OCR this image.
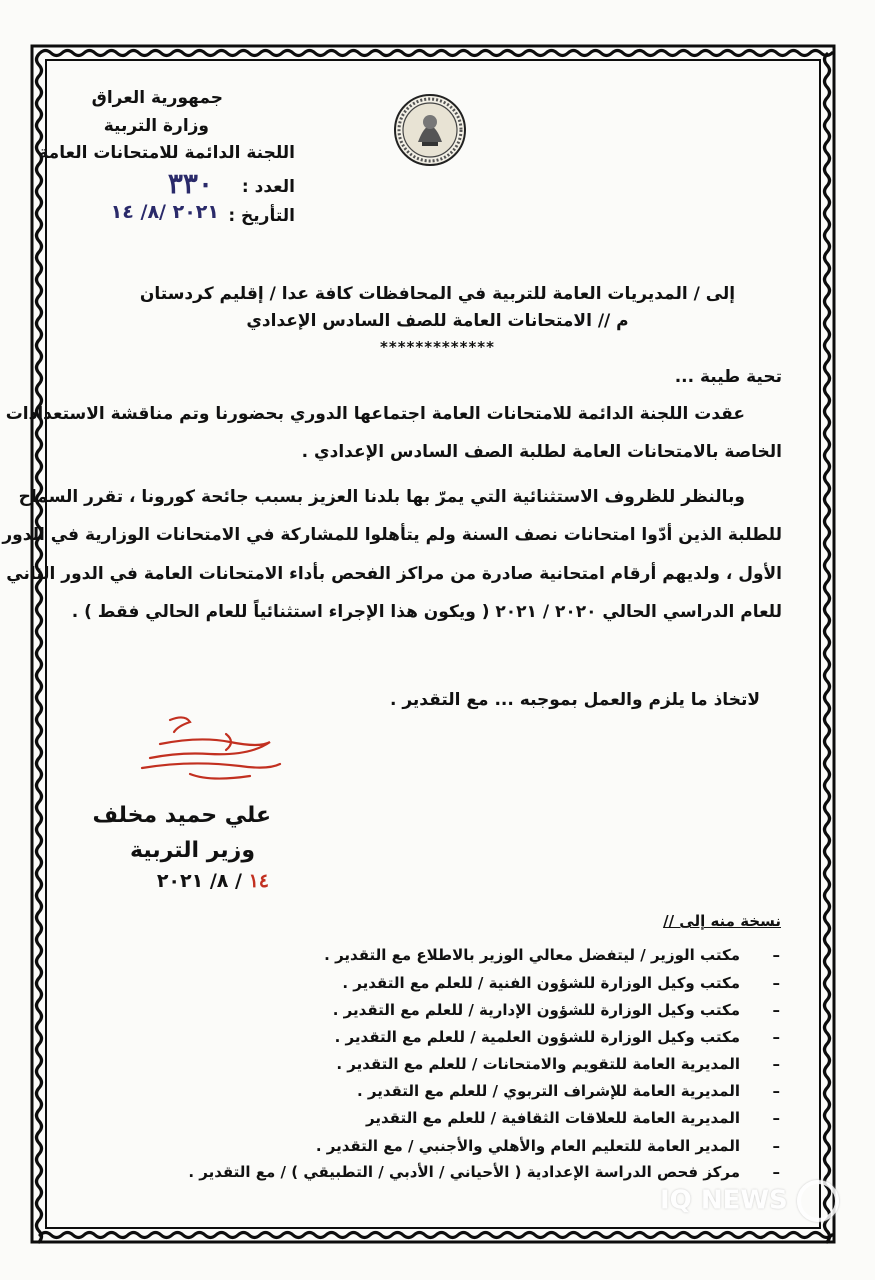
جمهورية العراق
وزارة التربية
اللجنة الدائمة للامتحانات العامة
العدد :
٣٣٠
التأريخ :
٢٠٢١ /٨/ ١٤
إلى / المديريات العامة للتربية في المحافظات كافة عدا / إقليم كردستان
م // الامتحانات العامة للصف السادس الإعدادي
*************
تحية طيبة ...
عقدت اللجنة الدائمة للامتحانات العامة اجتماعها الدوري بحضورنا وتم مناقشة الاستعدادات
الخاصة بالامتحانات العامة لطلبة الصف السادس الإعدادي .
وبالنظر للظروف الاستثنائية التي يمرّ بها بلدنا العزيز بسبب جائحة كورونا ، تقرر السماح
للطلبة الذين أدّوا امتحانات نصف السنة ولم يتأهلوا للمشاركة في الامتحانات الوزارية في الدور
الأول ، ولديهم أرقام امتحانية صادرة من مراكز الفحص بأداء الامتحانات العامة في الدور الثاني
للعام الدراسي الحالي ٢٠٢٠ / ٢٠٢١ ( ويكون هذا الإجراء استثنائياً للعام الحالي فقط ) .
لاتخاذ ما يلزم والعمل بموجبه ... مع التقدير .
علي حميد مخلف
وزير التربية
١٤ / ٨/ ٢٠٢١
نسخة منه إلى //
–مكتب الوزير / ليتفضل معالي الوزير بالاطلاع مع التقدير .
–مكتب وكيل الوزارة للشؤون الفنية / للعلم مع التقدير .
–مكتب وكيل الوزارة للشؤون الإدارية / للعلم مع التقدير .
–مكتب وكيل الوزارة للشؤون العلمية / للعلم مع التقدير .
–المديرية العامة للتقويم والامتحانات / للعلم مع التقدير .
–المديرية العامة للإشراف التربوي / للعلم مع التقدير .
–المديرية العامة للعلاقات الثقافية / للعلم مع التقدير
–المدير العامة للتعليم العام والأهلي والأجنبي / مع التقدير .
–مركز فحص الدراسة الإعدادية ( الأحياني / الأدبي / التطبيقي ) / مع التقدير .
IQ NEWS
